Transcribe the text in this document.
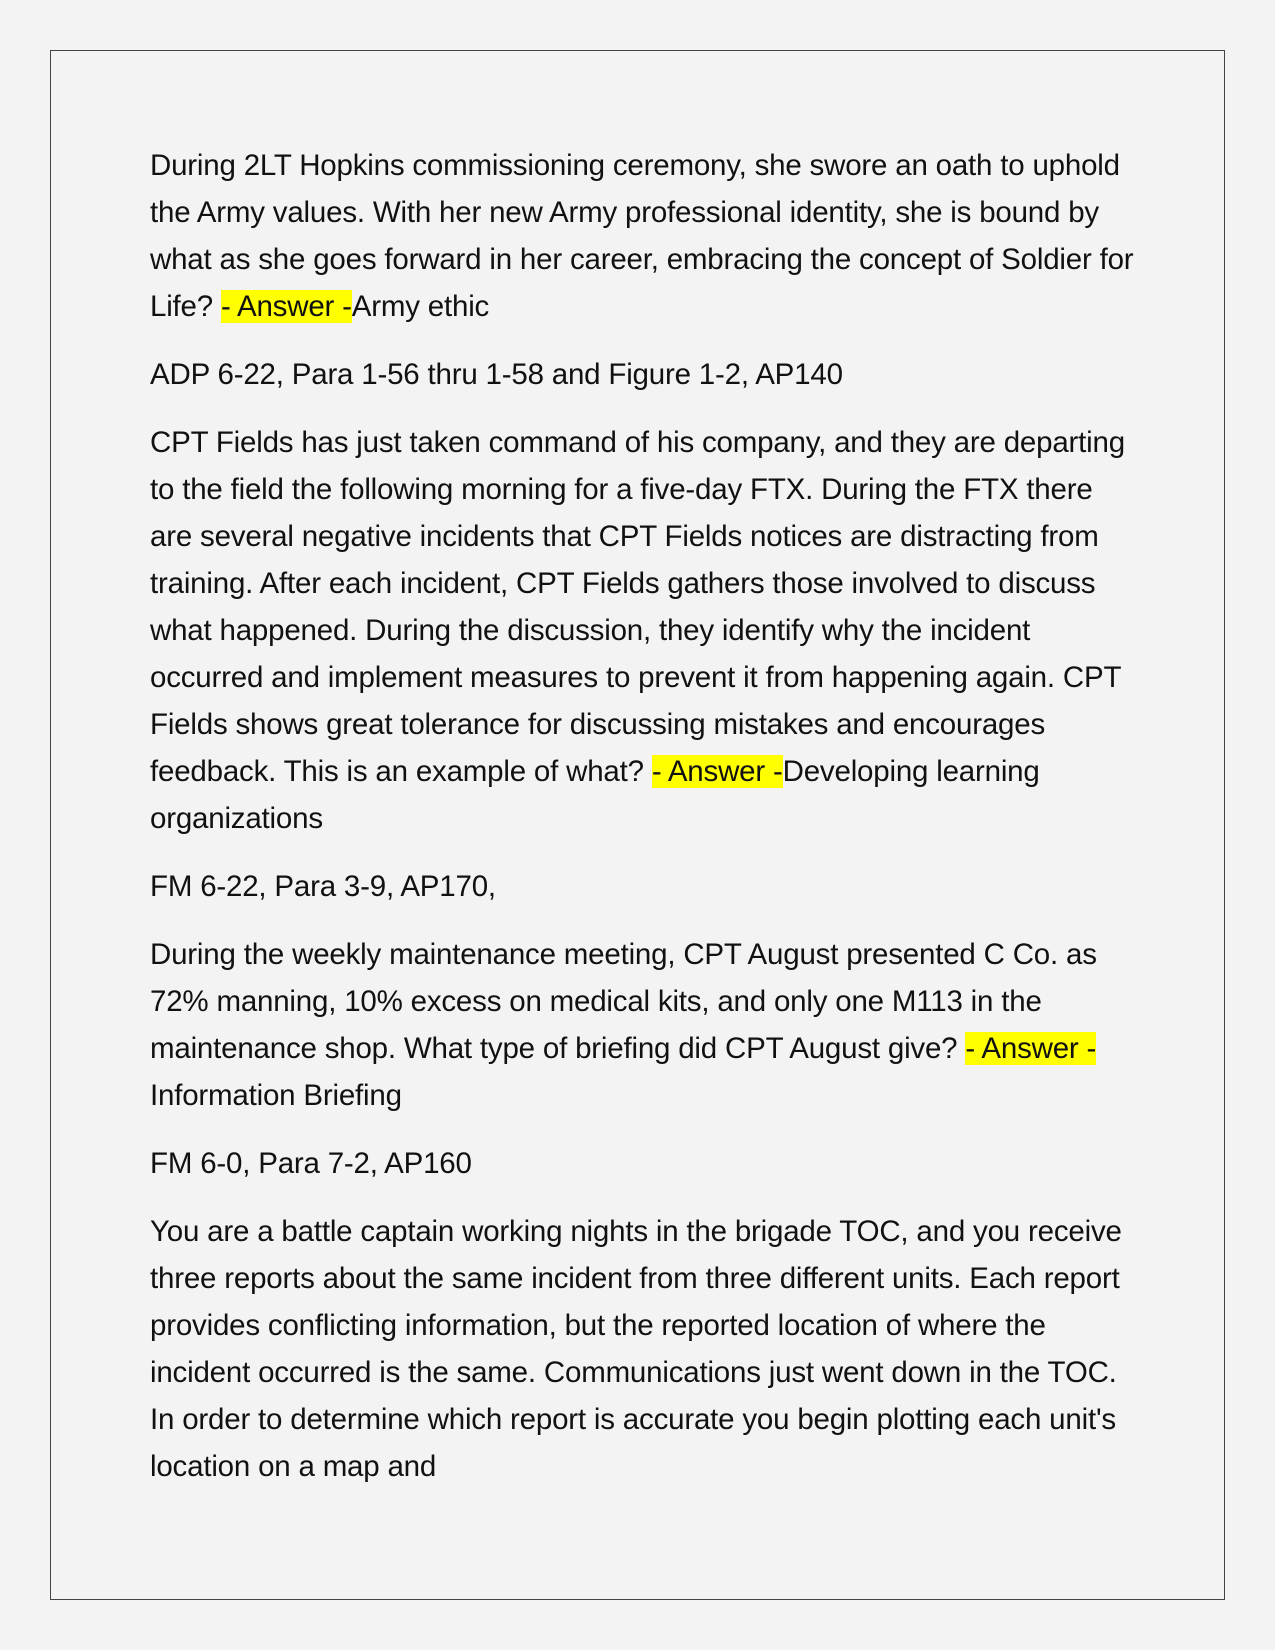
During 2LT Hopkins commissioning ceremony, she swore an oath to uphold the Army values. With her new Army professional identity, she is bound by what as she goes forward in her career, embracing the concept of Soldier for Life? - Answer -Army ethic

ADP 6-22, Para 1-56 thru 1-58 and Figure 1-2, AP140

CPT Fields has just taken command of his company, and they are departing to the field the following morning for a five-day FTX. During the FTX there are several negative incidents that CPT Fields notices are distracting from training. After each incident, CPT Fields gathers those involved to discuss what happened. During the discussion, they identify why the incident occurred and implement measures to prevent it from happening again. CPT Fields shows great tolerance for discussing mistakes and encourages feedback. This is an example of what? - Answer -Developing learning organizations

FM 6-22, Para 3-9, AP170,

During the weekly maintenance meeting, CPT August presented C Co. as 72% manning, 10% excess on medical kits, and only one M113 in the maintenance shop. What type of briefing did CPT August give? - Answer -Information Briefing

FM 6-0, Para 7-2, AP160

You are a battle captain working nights in the brigade TOC, and you receive three reports about the same incident from three different units. Each report provides conflicting information, but the reported location of where the incident occurred is the same. Communications just went down in the TOC. In order to determine which report is accurate you begin plotting each unit's location on a map and
